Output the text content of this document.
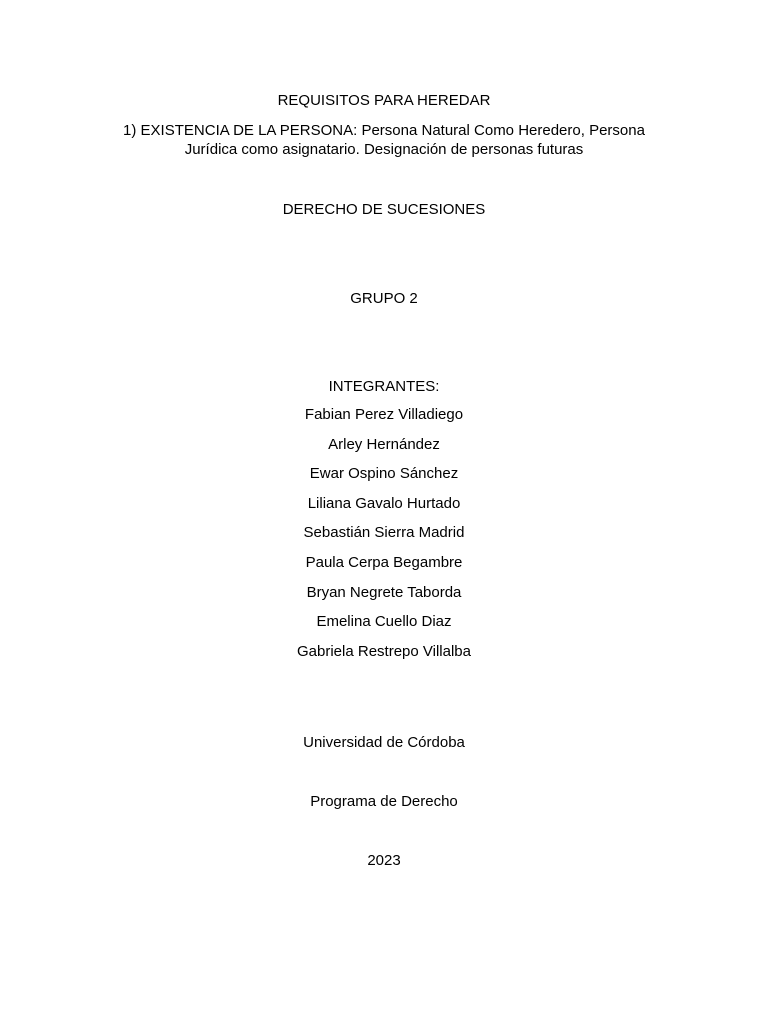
REQUISITOS PARA HEREDAR

1) EXISTENCIA DE LA PERSONA: Persona Natural Como Heredero, Persona Jurídica como asignatario. Designación de personas futuras

DERECHO DE SUCESIONES
GRUPO 2
INTEGRANTES:
Fabian Perez Villadiego
Arley Hernández
Ewar Ospino Sánchez
Liliana Gavalo Hurtado
Sebastián Sierra Madrid
Paula Cerpa Begambre
Bryan Negrete Taborda
Emelina Cuello Diaz
Gabriela Restrepo Villalba
Universidad de Córdoba
Programa de Derecho
2023
